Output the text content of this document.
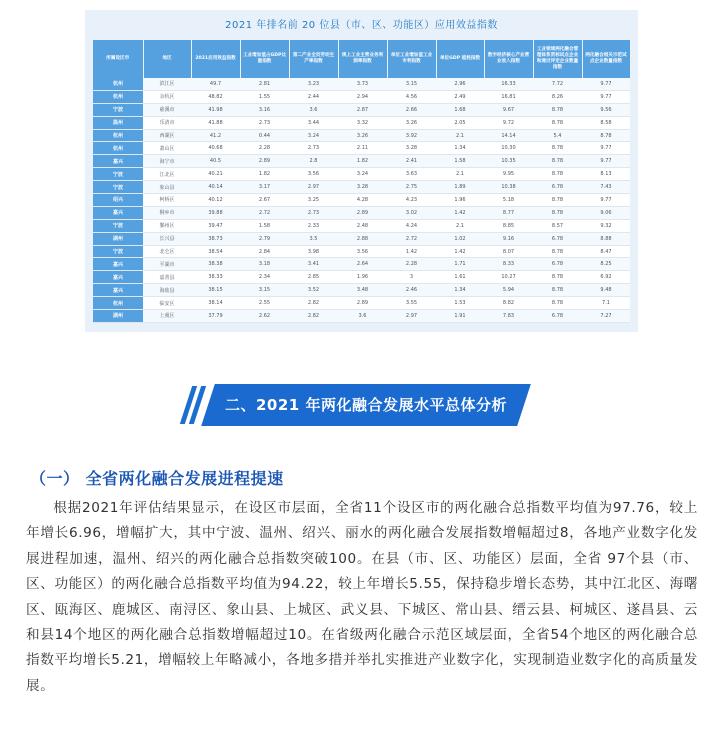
2021 年排名前 20 位县（市、区、功能区）应用效益指数
所属设区市	地区	2021应用效益指数	工业增加值占GDP比重指数	第二产业全员劳动生产率指数	规上工业主营业务利润率指数	单位工业增加值工业专利指数	单位GDP 能耗指数	数字经济核心产业营业收入指数	工业领域两化融合管理体系贯标试点企业和通过评定企业数量指数	两化融合相关示范试点企业数量指数
杭州	滨江区	49.7	2.81	3.23	3.73	3.15	2.96	16.33	7.72	9.77
杭州	余杭区	48.82	1.55	2.44	2.94	4.56	2.49	16.81	8.26	9.77
宁波	慈溪市	41.98	3.16	3.6	2.87	2.66	1.68	9.67	8.78	9.56
温州	乐清市	41.88	2.73	3.44	3.32	3.26	2.05	9.72	8.78	8.58
杭州	西湖区	41.2	0.44	3.24	3.26	3.92	2.1	14.14	5.4	8.78
杭州	萧山区	40.68	2.28	2.73	2.11	3.28	1.34	10.30	8.78	9.77
嘉兴	海宁市	40.5	2.89	2.8	1.82	2.41	1.58	10.35	8.78	9.77
宁波	江北区	40.21	1.82	3.56	3.24	3.63	2.1	9.95	8.78	8.13
宁波	象山县	40.14	3.17	2.97	3.28	2.75	1.89	10.38	6.78	7.43
绍兴	柯桥区	40.12	2.67	3.25	4.28	4.23	1.96	5.18	8.78	9.77
嘉兴	桐乡市	39.88	2.72	2.73	2.89	3.02	1.42	8.77	8.78	9.06
宁波	鄞州区	39.47	1.58	2.33	2.48	4.24	2.1	8.85	8.57	9.32
湖州	长兴县	38.73	2.79	3.5	2.88	2.72	1.02	9.16	6.78	8.88
宁波	北仑区	38.54	2.84	3.98	3.56	1.42	1.42	8.07	8.78	8.47
嘉兴	平湖市	38.38	3.18	3.41	2.64	2.28	1.71	8.33	6.78	8.25
嘉兴	嘉善县	38.33	2.34	2.85	1.96	3	1.61	10.27	8.78	6.92
嘉兴	海盐县	38.15	3.15	3.52	3.48	2.46	1.34	5.94	8.78	9.48
杭州	临安区	38.14	2.55	2.82	2.89	3.55	1.53	8.82	8.78	7.1
湖州	上虞区	37.79	2.62	2.82	3.6	2.97	1.91	7.83	6.78	7.27
二、2021 年两化融合发展水平总体分析
（一） 全省两化融合发展进程提速

根据2021年评估结果显示，在设区市层面，全省11个设区市的两化融合总指数平均值为97.76，较上年增长6.96，增幅扩大，其中宁波、温州、绍兴、丽水的两化融合发展指数增幅超过8，各地产业数字化发展进程加速，温州、绍兴的两化融合总指数突破100。在县（市、区、功能区）层面，全省 97个县（市、区、功能区）的两化融合总指数平均值为94.22，较上年增长5.55，保持稳步增长态势，其中江北区、海曙区、瓯海区、鹿城区、南浔区、象山县、上城区、武义县、下城区、常山县、缙云县、柯城区、遂昌县、云和县14个地区的两化融合总指数增幅超过10。在省级两化融合示范区域层面，全省54个地区的两化融合总指数平均增长5.21，增幅较上年略减小，各地多措并举扎实推进产业数字化，实现制造业数字化的高质量发展。
